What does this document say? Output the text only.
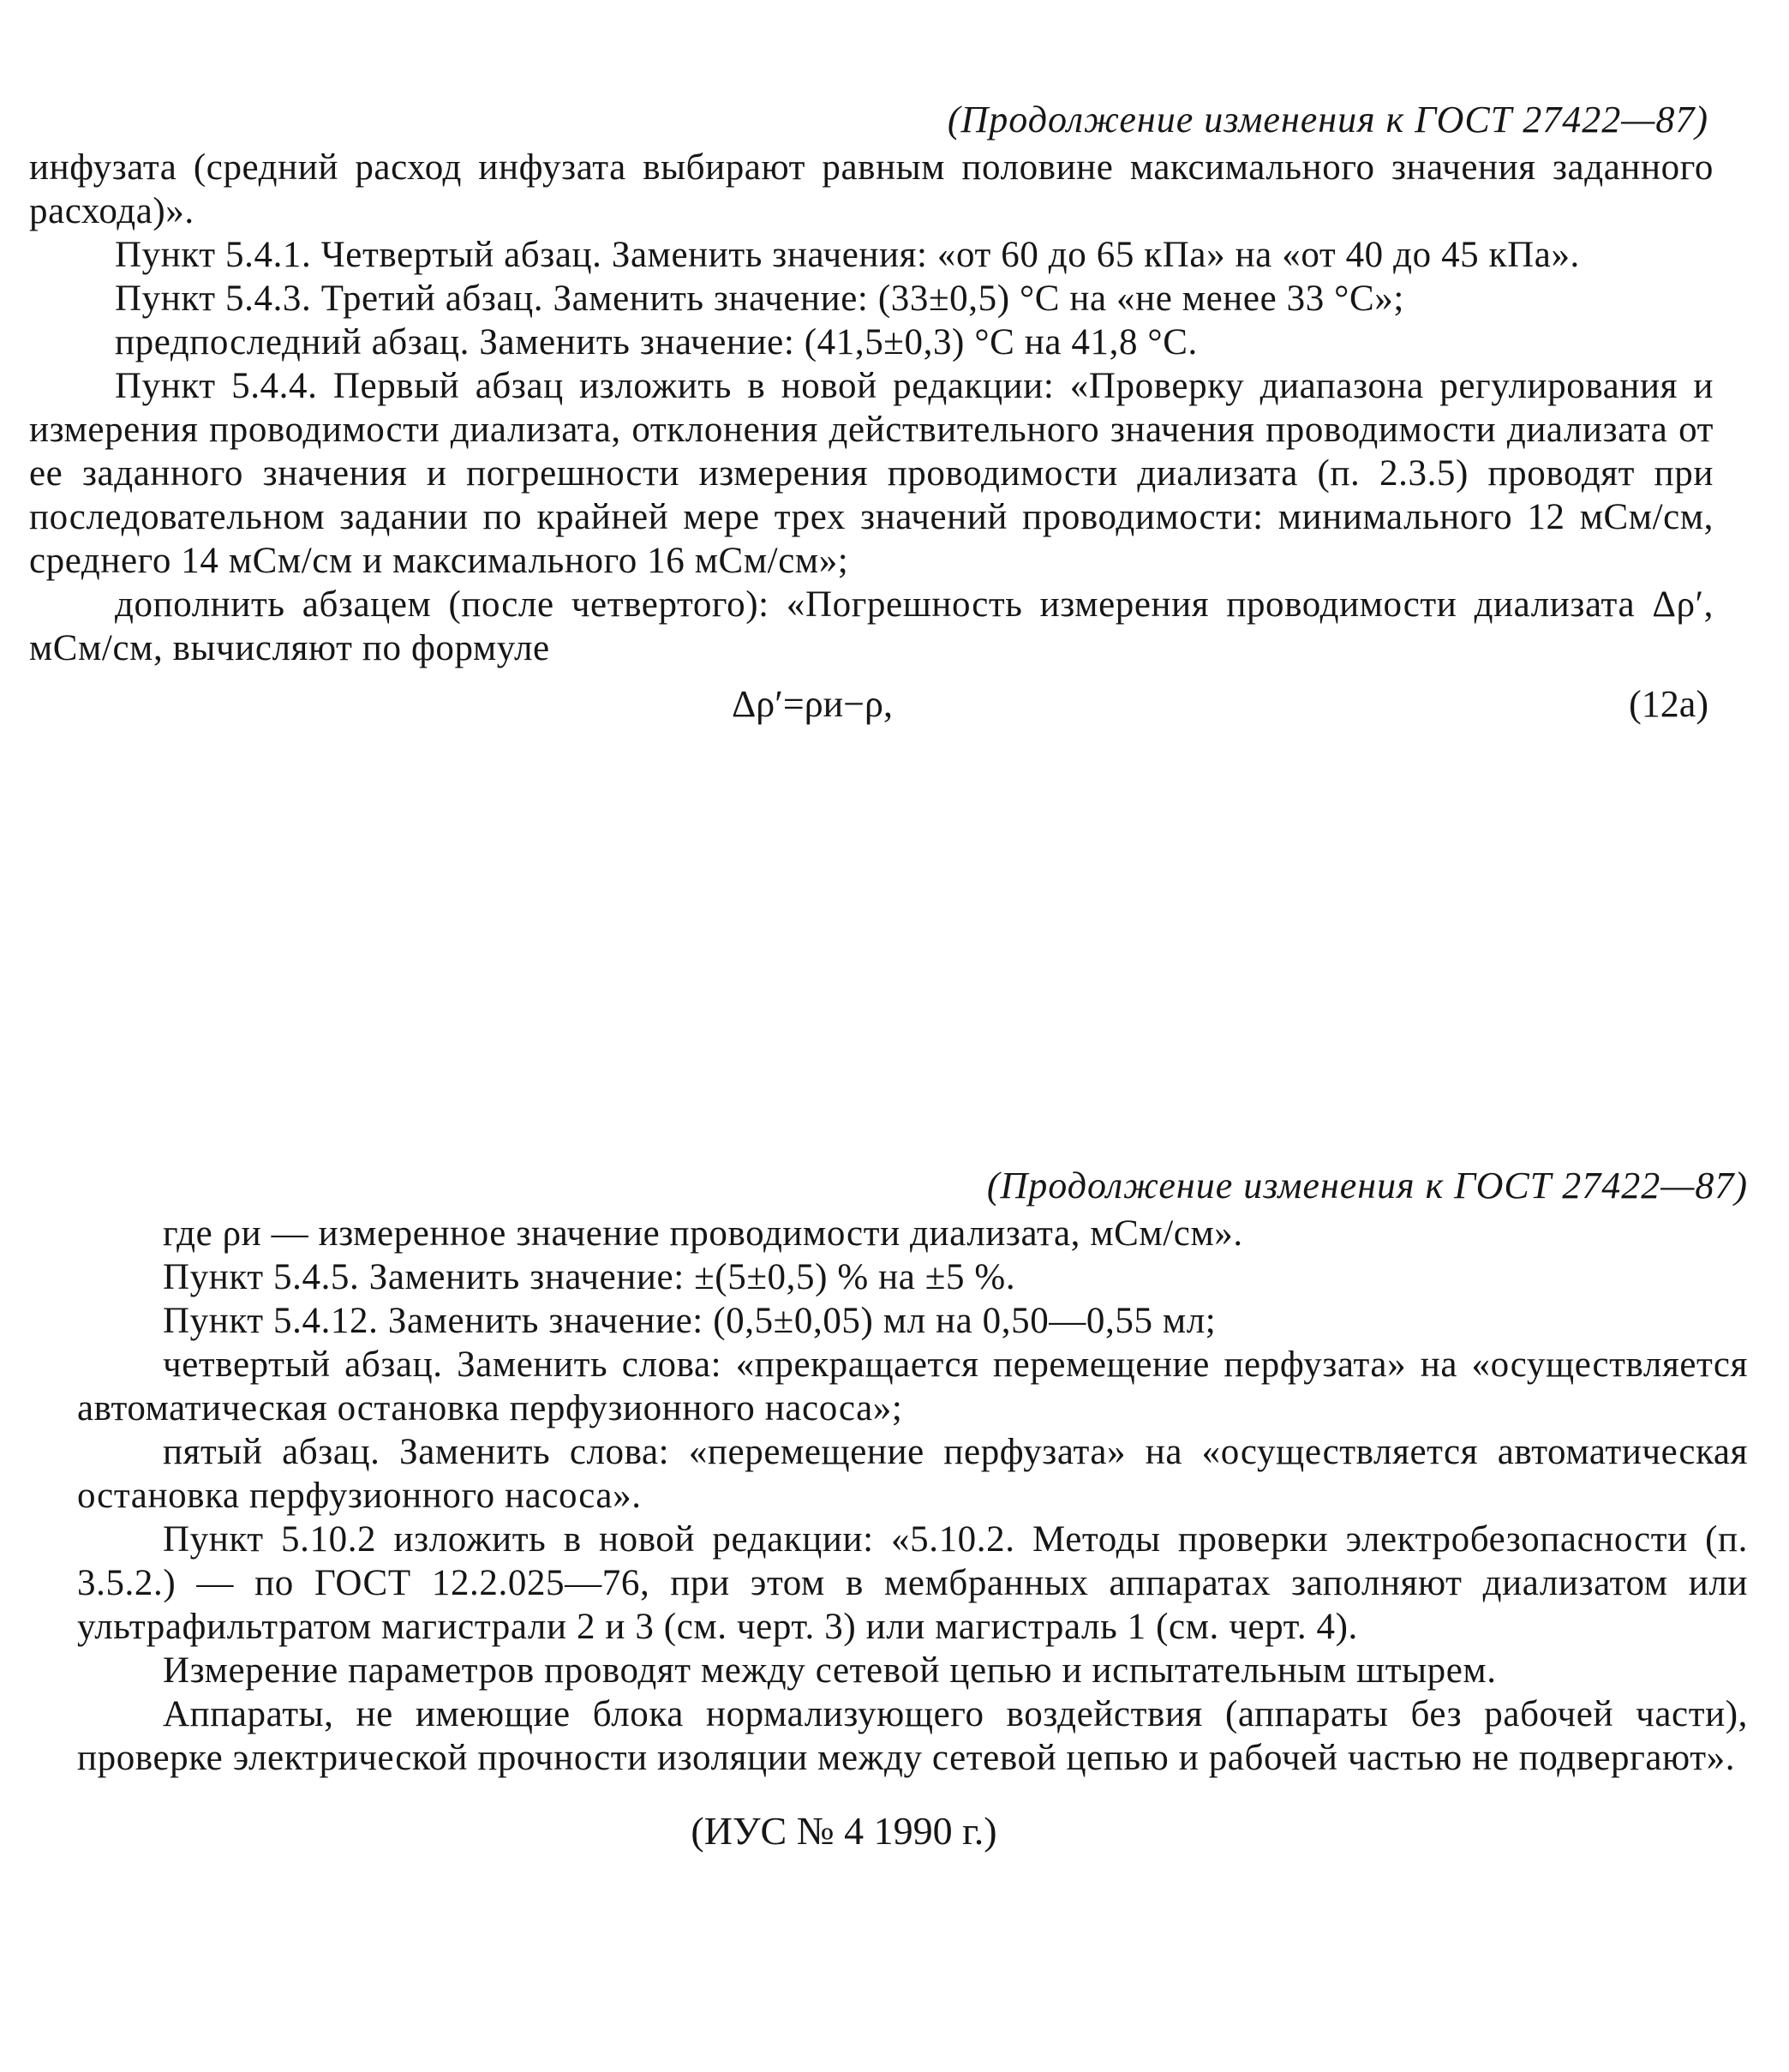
(Продолжение изменения к ГОСТ 27422—87)

инфузата (средний расход инфузата выбирают равным половине максимального значения заданного расхода)».

Пункт 5.4.1. Четвертый абзац. Заменить значения: «от 60 до 65 кПа» на «от 40 до 45 кПа».

Пункт 5.4.3. Третий абзац. Заменить значение: (33±0,5) °С на «не менее 33 °С»;

предпоследний абзац. Заменить значение: (41,5±0,3) °С на 41,8 °С.

Пункт 5.4.4. Первый абзац изложить в новой редакции: «Проверку диапазона регулирования и измерения проводимости диализата, отклонения действительного значения проводимости диализата от ее заданного значения и погрешности измерения проводимости диализата (п. 2.3.5) проводят при последовательном задании по крайней мере трех значений проводимости: минимального 12 мСм/см, среднего 14 мСм/см и максимального 16 мСм/см»;

дополнить абзацем (после четвертого): «Погрешность измерения проводимости диализата Δρ′, мСм/см, вычисляют по формуле

Δρ′=ρи−ρ,	(12a)

(Продолжение изменения к ГОСТ 27422—87)

где ρи — измеренное значение проводимости диализата, мСм/см».

Пункт 5.4.5. Заменить значение: ±(5±0,5) % на ±5 %.

Пункт 5.4.12. Заменить значение: (0,5±0,05) мл на 0,50—0,55 мл;

четвертый абзац. Заменить слова: «прекращается перемещение перфузата» на «осуществляется автоматическая остановка перфузионного насоса»;

пятый абзац. Заменить слова: «перемещение перфузата» на «осуществляется автоматическая остановка перфузионного насоса».

Пункт 5.10.2 изложить в новой редакции: «5.10.2. Методы проверки электробезопасности (п. 3.5.2.) — по ГОСТ 12.2.025—76, при этом в мембранных аппаратах заполняют диализатом или ультрафильтратом магистрали 2 и 3 (см. черт. 3) или магистраль 1 (см. черт. 4).

Измерение параметров проводят между сетевой цепью и испытательным штырем.

Аппараты, не имеющие блока нормализующего воздействия (аппараты без рабочей части), проверке электрической прочности изоляции между сетевой цепью и рабочей частью не подвергают».

(ИУС № 4 1990 г.)
